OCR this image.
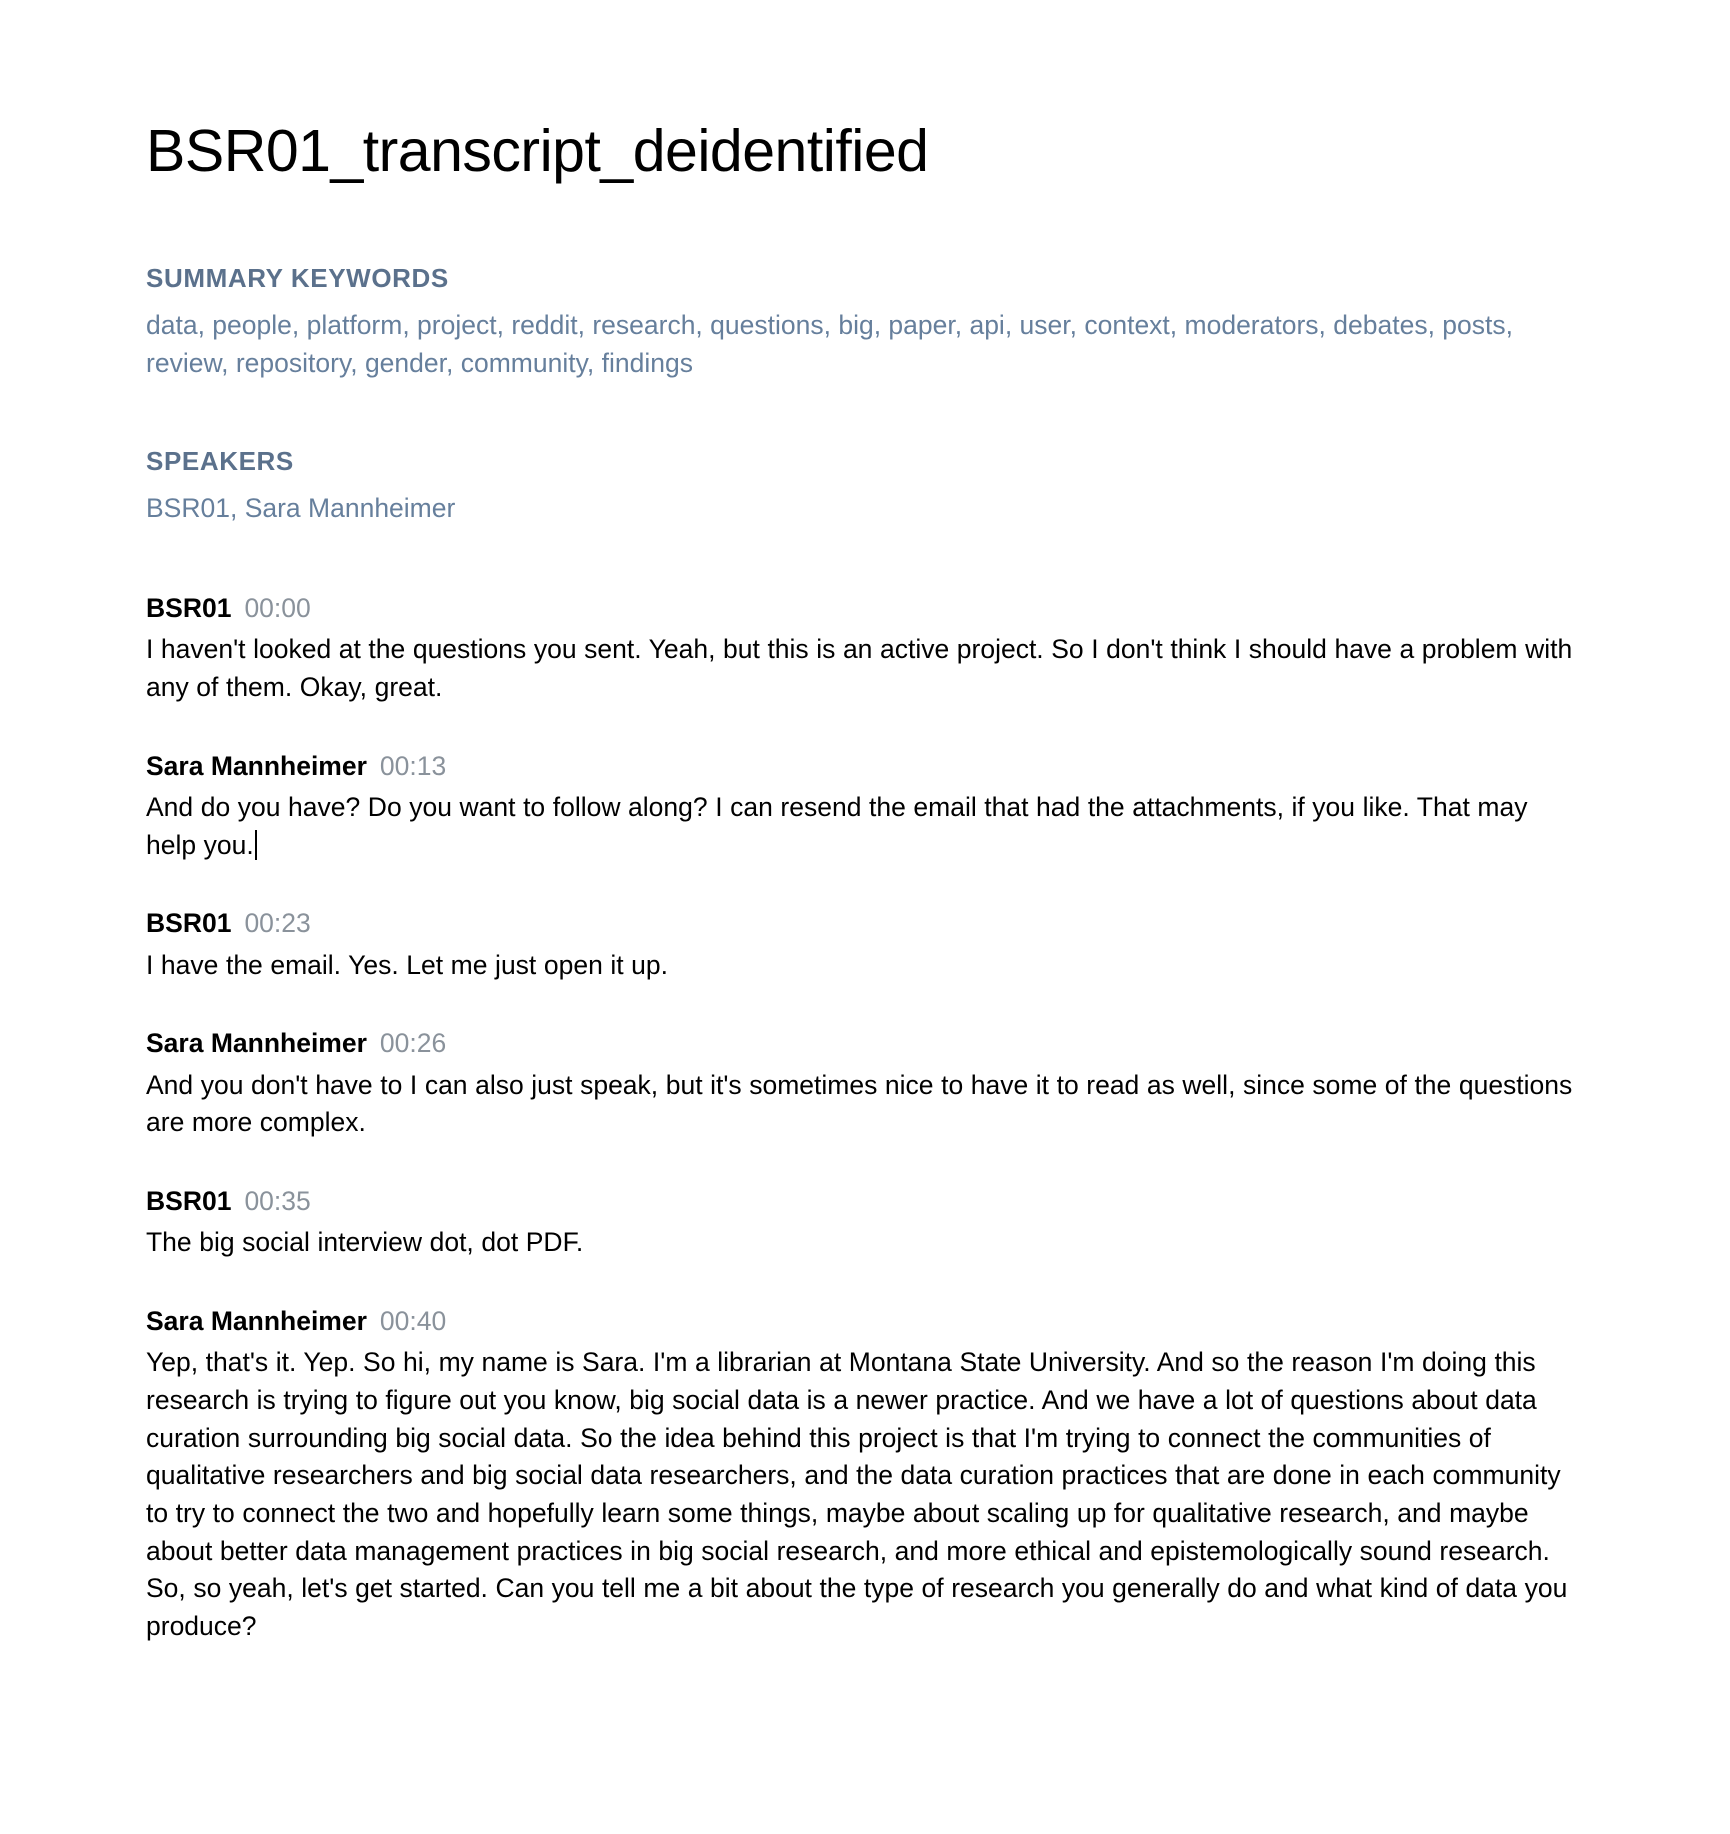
BSR01_transcript_deidentified
SUMMARY KEYWORDS

data, people, platform, project, reddit, research, questions, big, paper, api, user, context, moderators, debates, posts, review, repository, gender, community, findings

SPEAKERS

BSR01, Sara Mannheimer

BSR01 00:00

I haven't looked at the questions you sent. Yeah, but this is an active project. So I don't think I should have a problem with any of them. Okay, great.

Sara Mannheimer 00:13

And do you have? Do you want to follow along? I can resend the email that had the attachments, if you like. That may help you.

BSR01 00:23

I have the email. Yes. Let me just open it up.

Sara Mannheimer 00:26

And you don't have to I can also just speak, but it's sometimes nice to have it to read as well, since some of the questions are more complex.

BSR01 00:35

The big social interview dot, dot PDF.

Sara Mannheimer 00:40

Yep, that's it. Yep. So hi, my name is Sara. I'm a librarian at Montana State University. And so the reason I'm doing this research is trying to figure out you know, big social data is a newer practice. And we have a lot of questions about data curation surrounding big social data. So the idea behind this project is that I'm trying to connect the communities of qualitative researchers and big social data researchers, and the data curation practices that are done in each community to try to connect the two and hopefully learn some things, maybe about scaling up for qualitative research, and maybe about better data management practices in big social research, and more ethical and epistemologically sound research. So, so yeah, let's get started. Can you tell me a bit about the type of research you generally do and what kind of data you produce?
